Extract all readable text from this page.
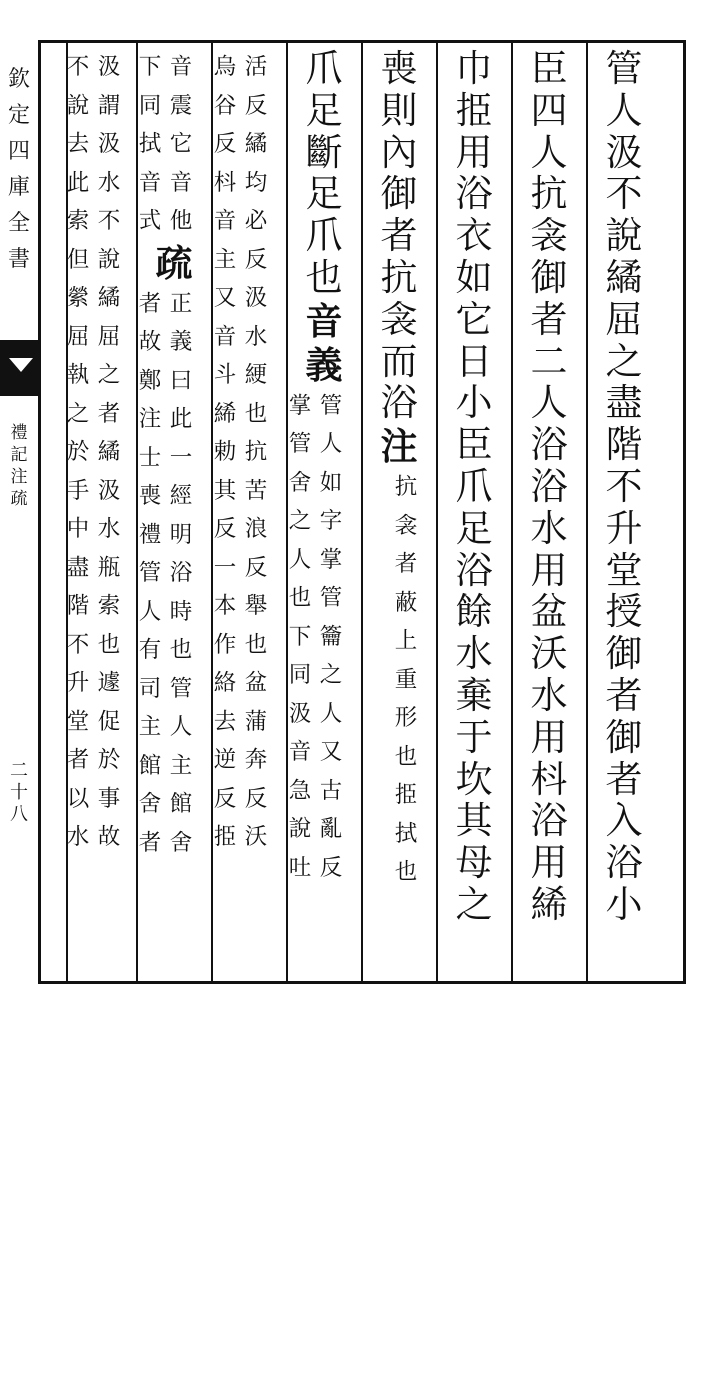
欽
定
四
庫
全
書
禮
記
注
疏
二
十
八
管
人
汲
不
說
繘
屈
之
盡
階
不
升
堂
授
御
者
御
者
入
浴
小
臣
四
人
抗
衾
御
者
二
人
浴
浴
水
用
盆
沃
水
用
枓
浴
用
絺
巾
挋
用
浴
衣
如
它
日
小
臣
爪
足
浴
餘
水
棄
于
坎
其
母
之
喪
則
內
御
者
抗
衾
而
浴
注
抗
衾
者
蔽
上
重
形
也
挋
拭
也
爪
足
斷
足
爪
也
音
義
管
人
如
字
掌
管
籥
之
人
又
古
亂
反
掌
管
舍
之
人
也
下
同
汲
音
急
說
吐
活
反
繘
均
必
反
汲
水
綆
也
抗
苦
浪
反
舉
也
盆
蒲
奔
反
沃
烏
谷
反
枓
音
主
又
音
斗
絺
勅
其
反
一
本
作
絡
去
逆
反
挋
音
震
它
音
他
下
同
拭
音
式
疏
正
義
曰
此
一
經
明
浴
時
也
管
人
主
館
舍
者
故
鄭
注
士
喪
禮
管
人
有
司
主
館
舍
者
汲
謂
汲
水
不
說
繘
屈
之
者
繘
汲
水
瓶
索
也
遽
促
於
事
故
不
說
去
此
索
但
縈
屈
執
之
於
手
中
盡
階
不
升
堂
者
以
水
